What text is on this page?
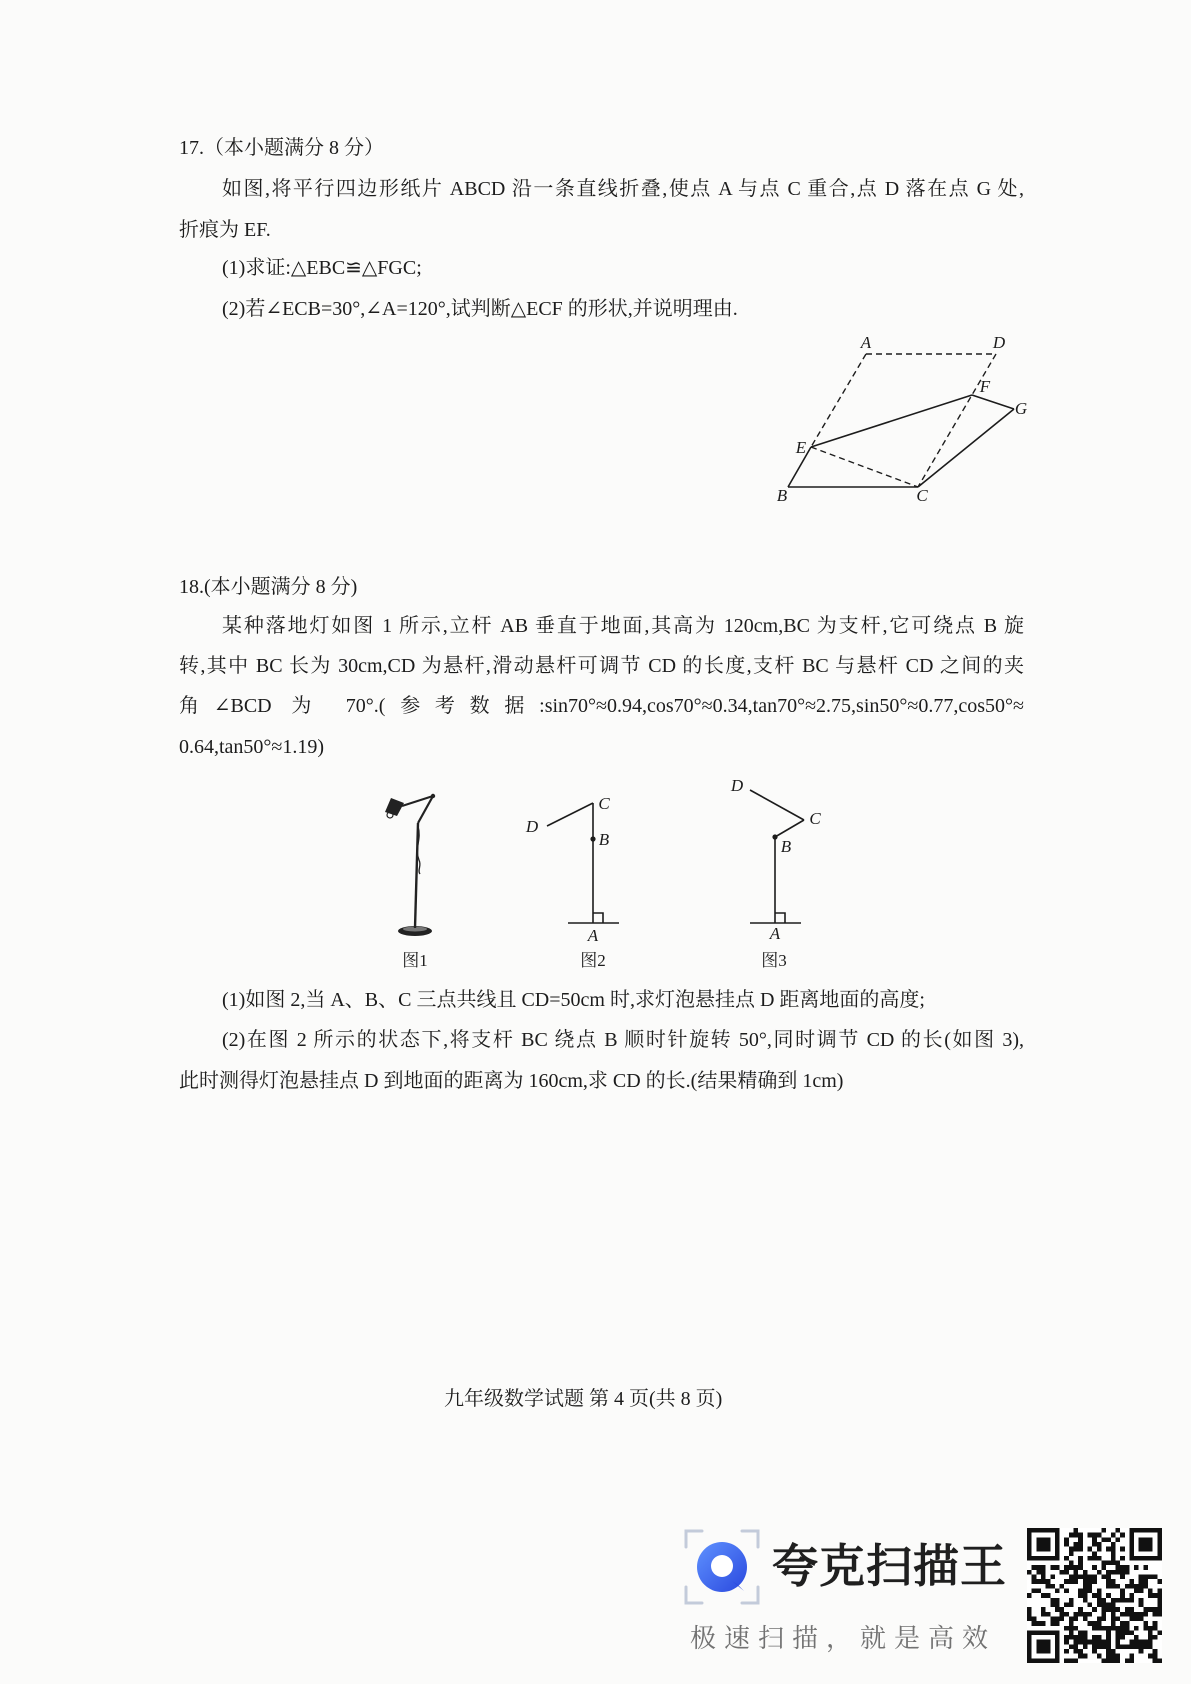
17.（本小题满分 8 分）
如图,将平行四边形纸片 ABCD 沿一条直线折叠,使点 A 与点 C 重合,点 D 落在点 G 处,
折痕为 EF.
(1)求证:△EBC≌△FGC;
(2)若∠ECB=30°,∠A=120°,试判断△ECF 的形状,并说明理由.
A	D
F
G
E
B	C
18.(本小题满分 8 分)
某种落地灯如图 1 所示,立杆 AB 垂直于地面,其高为 120cm,BC 为支杆,它可绕点 B 旋
转,其中 BC 长为 30cm,CD 为悬杆,滑动悬杆可调节 CD 的长度,支杆 BC 与悬杆 CD 之间的夹
角∠BCD 为 70°.(参考数据:sin70°≈0.94,cos70°≈0.34,tan70°≈2.75,sin50°≈0.77,cos50°≈
0.64,tan50°≈1.19)
图1
D
C
B
A
图2
D
C
B
A
图3
(1)如图 2,当 A、B、C 三点共线且 CD=50cm 时,求灯泡悬挂点 D 距离地面的高度;
(2)在图 2 所示的状态下,将支杆 BC 绕点 B 顺时针旋转 50°,同时调节 CD 的长(如图 3),
此时测得灯泡悬挂点 D 到地面的距离为 160cm,求 CD 的长.(结果精确到 1cm)
九年级数学试题 第 4 页(共 8 页)
夸克扫描王
极速扫描，就是高效
